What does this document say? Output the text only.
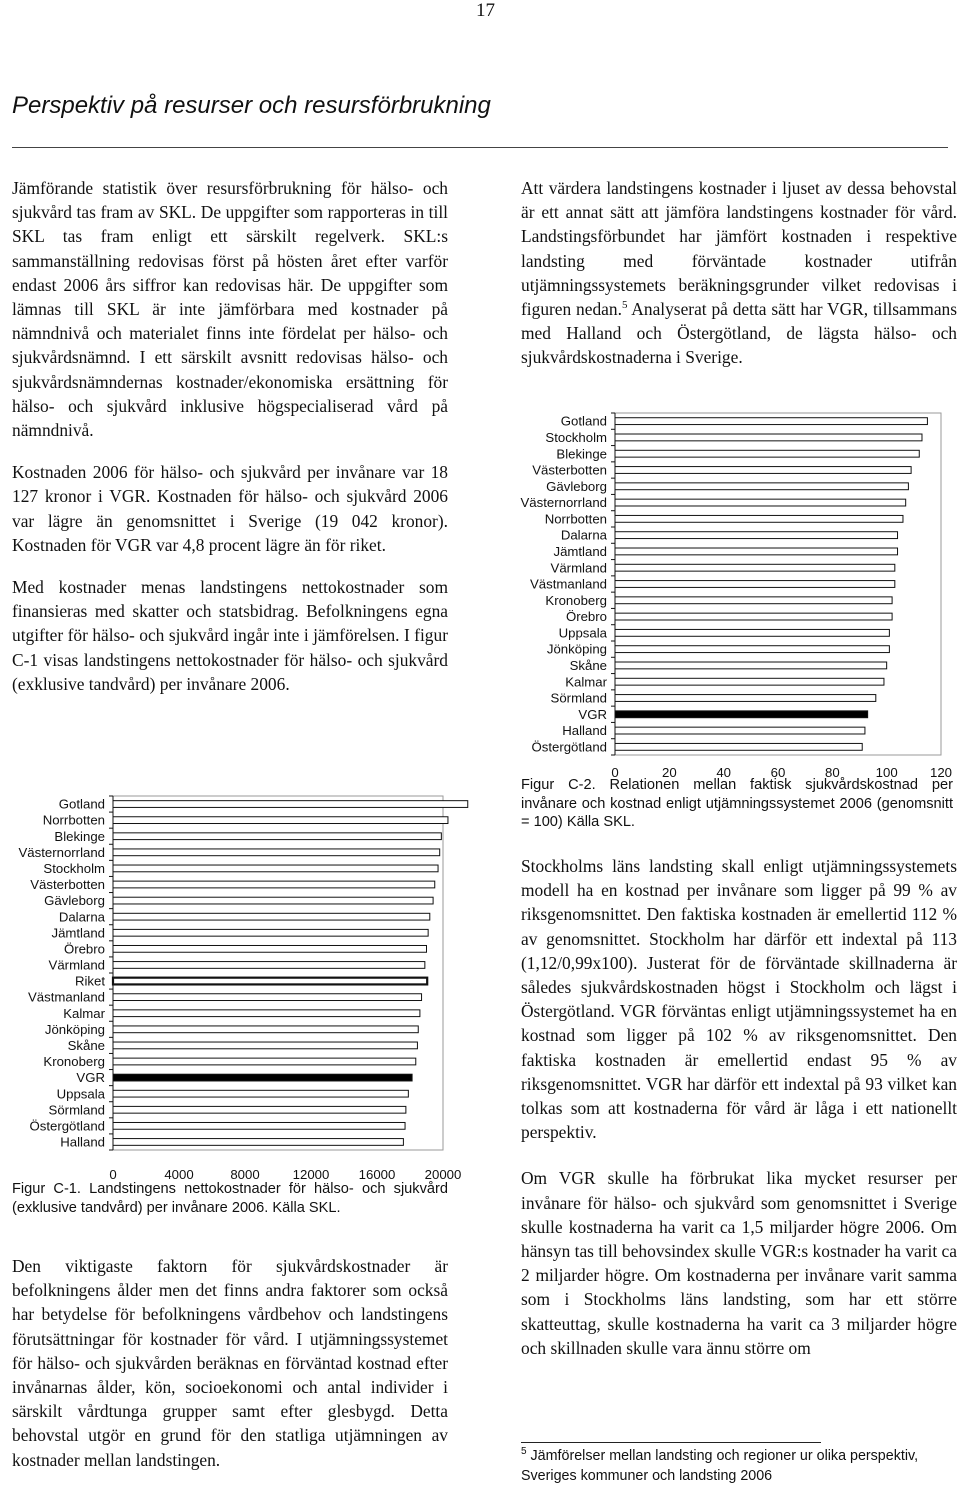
17
Perspektiv på resurser och resursförbrukning

Jämförande statistik över resursförbrukning för hälso- och sjukvård tas fram av SKL. De uppgifter som rapporteras in till SKL tas fram enligt ett särskilt regelverk. SKL:s sammanställning redovisas först på hösten året efter varför endast 2006 års siffror kan redovisas här. De uppgifter som lämnas till SKL är inte jämförbara med kostnader på nämndnivå och materialet finns inte fördelat per hälso- och sjukvårdsnämnd. I ett särskilt avsnitt redovisas hälso- och sjukvårdsnämndernas kostnader/ekonomiska ersättning för hälso- och sjukvård inklusive högspecialiserad vård på nämndnivå.

Kostnaden 2006 för hälso- och sjukvård per invånare var 18 127 kronor i VGR. Kostnaden för hälso- och sjukvård 2006 var lägre än genomsnittet i Sverige (19 042 kronor). Kostnaden för VGR var 4,8 procent lägre än för riket.

Med kostnader menas landstingens nettokostnader som finansieras med skatter och statsbidrag. Befolkningens egna utgifter för hälso- och sjukvård ingår inte i jämförelsen. I figur C-1 visas landstingens nettokostnader för hälso- och sjukvård (exklusive tandvård) per invånare 2006.

Gotland
Norrbotten
Blekinge
Västernorrland
Stockholm
Västerbotten
Gävleborg
Dalarna
Jämtland
Örebro
Värmland
Riket
Västmanland
Kalmar
Jönköping
Skåne
Kronoberg
VGR
Uppsala
Sörmland
Östergötland
Halland
0	4000	8000 12000 16000 20000

Figur C-1. Landstingens nettokostnader för hälso- och sjukvård (exklusive tandvård) per invånare 2006. Källa SKL.

Den viktigaste faktorn för sjukvårdskostnader är befolkningens ålder men det finns andra faktorer som också har betydelse för befolkningens vårdbehov och landstingens förutsättningar för kostnader för vård. I utjämningssystemet för hälso- och sjukvården beräknas en förväntad kostnad efter invånarnas ålder, kön, socioekonomi och antal individer i särskilt vårdtunga grupper samt efter glesbygd. Detta behovstal utgör en grund för den statliga utjämningen av kostnader mellan landstingen.

Att värdera landstingens kostnader i ljuset av dessa behovstal är ett annat sätt att jämföra landstingens kostnader för vård. Landstingsförbundet har jämfört kostnaden i respektive landsting med förväntade kostnader utifrån utjämningssystemets beräkningsgrunder vilket redovisas i figuren nedan.$^5$ Analyserat på detta sätt har VGR, tillsammans med Halland och Östergötland, de lägsta hälso- och sjukvårdskostnaderna i Sverige.

Gotland
Stockholm
Blekinge
Västerbotten
Gävleborg
Västernorrland
Norrbotten
Dalarna
Jämtland
Värmland
Västmanland
Kronoberg
Örebro
Uppsala
Jönköping
Skåne
Kalmar
Sörmland
VGR
Halland
Östergötland
0	20	40	60	80	100 120

Figur C-2. Relationen mellan faktisk sjukvårdskostnad per invånare och kostnad enligt utjämningssystemet 2006 (genomsnitt = 100) Källa SKL.

Stockholms läns landsting skall enligt utjämningssystemets modell ha en kostnad per invånare som ligger på 99 % av riksgenomsnittet. Den faktiska kostnaden är emellertid 112 % av genomsnittet. Stockholm har därför ett indextal på 113 (1,12/0,99x100). Justerat för de förväntade skillnaderna är således sjukvårdskostnaden högst i Stockholm och lägst i Östergötland. VGR förväntas enligt utjämningssystemet ha en kostnad som ligger på 102 % av riksgenomsnittet. Den faktiska kostnaden är emellertid endast 95 % av riksgenomsnittet. VGR har därför ett indextal på 93 vilket kan tolkas som att kostnaderna för vård är låga i ett nationellt perspektiv.

Om VGR skulle ha förbrukat lika mycket resurser per invånare för hälso- och sjukvård som genomsnittet i Sverige skulle kostnaderna ha varit ca 1,5 miljarder högre 2006. Om hänsyn tas till behovsindex skulle VGR:s kostnader ha varit ca 2 miljarder högre. Om kostnaderna per invånare varit samma som i Stockholms läns landsting, som har ett större skatteuttag, skulle kostnaderna ha varit ca 3 miljarder högre och skillnaden skulle vara ännu större om

$^5$ Jämförelser mellan landsting och regioner ur olika perspektiv, Sveriges kommuner och landsting 2006
